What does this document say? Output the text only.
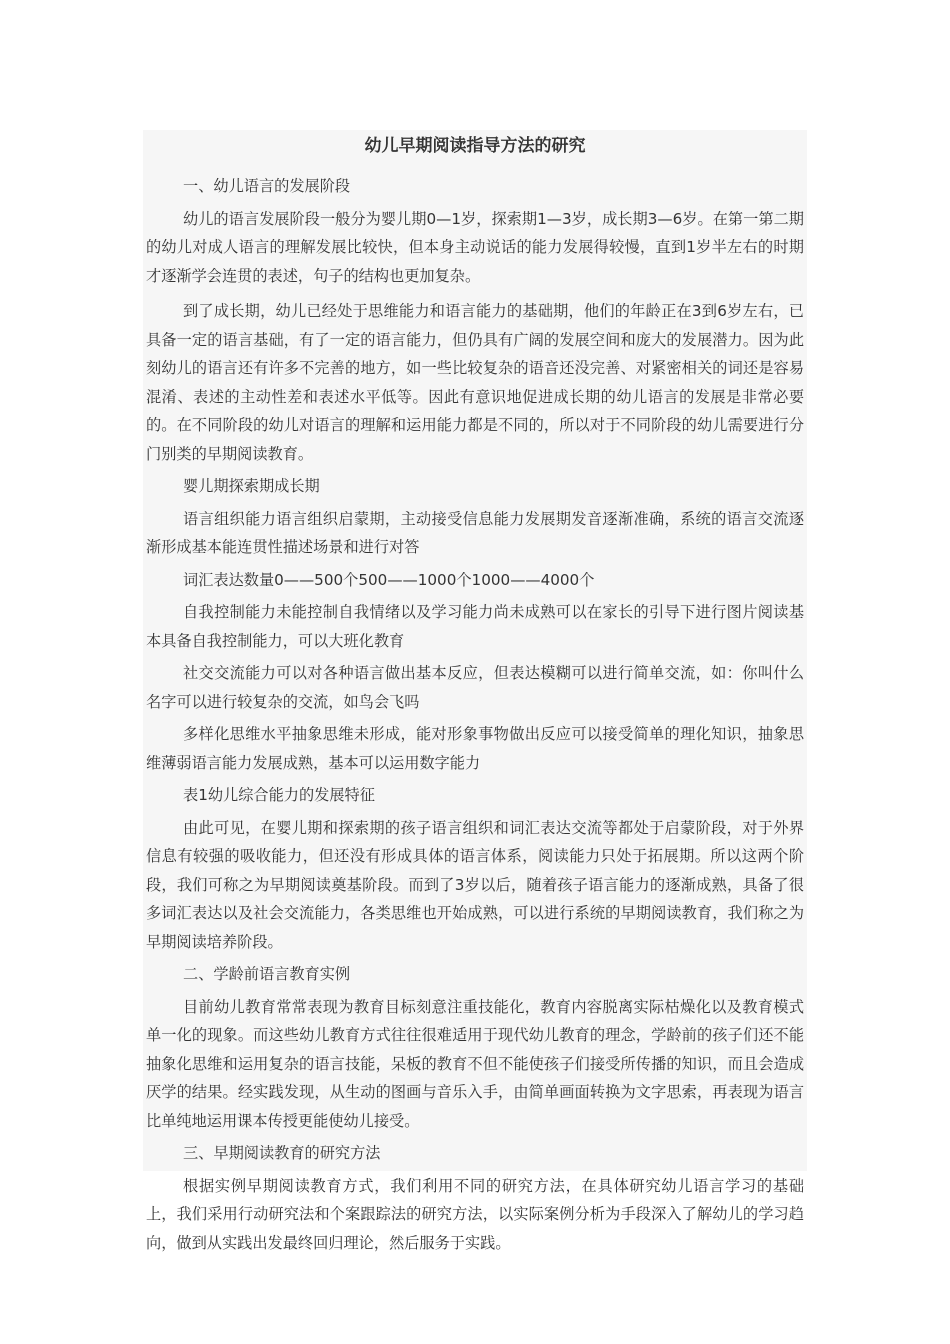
幼儿早期阅读指导方法的研究

一、幼儿语言的发展阶段

幼儿的语言发展阶段一般分为婴儿期0—1岁，探索期1—3岁，成长期3—6岁。在第一第二期的幼儿对成人语言的理解发展比较快，但本身主动说话的能力发展得较慢，直到1岁半左右的时期才逐渐学会连贯的表述，句子的结构也更加复杂。

到了成长期，幼儿已经处于思维能力和语言能力的基础期，他们的年龄正在3到6岁左右，已具备一定的语言基础，有了一定的语言能力，但仍具有广阔的发展空间和庞大的发展潜力。因为此刻幼儿的语言还有许多不完善的地方，如一些比较复杂的语音还没完善、对紧密相关的词还是容易混淆、表述的主动性差和表述水平低等。因此有意识地促进成长期的幼儿语言的发展是非常必要的。在不同阶段的幼儿对语言的理解和运用能力都是不同的，所以对于不同阶段的幼儿需要进行分门别类的早期阅读教育。

婴儿期探索期成长期

语言组织能力语言组织启蒙期，主动接受信息能力发展期发音逐渐准确，系统的语言交流逐渐形成基本能连贯性描述场景和进行对答

词汇表达数量0——500个500——1000个1000——4000个

自我控制能力未能控制自我情绪以及学习能力尚未成熟可以在家长的引导下进行图片阅读基本具备自我控制能力，可以大班化教育

社交交流能力可以对各种语言做出基本反应，但表达模糊可以进行简单交流，如：你叫什么名字可以进行较复杂的交流，如鸟会飞吗

多样化思维水平抽象思维未形成，能对形象事物做出反应可以接受简单的理化知识，抽象思维薄弱语言能力发展成熟，基本可以运用数字能力

表1幼儿综合能力的发展特征

由此可见，在婴儿期和探索期的孩子语言组织和词汇表达交流等都处于启蒙阶段，对于外界信息有较强的吸收能力，但还没有形成具体的语言体系，阅读能力只处于拓展期。所以这两个阶段，我们可称之为早期阅读奠基阶段。而到了3岁以后，随着孩子语言能力的逐渐成熟，具备了很多词汇表达以及社会交流能力，各类思维也开始成熟，可以进行系统的早期阅读教育，我们称之为早期阅读培养阶段。

二、学龄前语言教育实例

目前幼儿教育常常表现为教育目标刻意注重技能化，教育内容脱离实际枯燥化以及教育模式单一化的现象。而这些幼儿教育方式往往很难适用于现代幼儿教育的理念，学龄前的孩子们还不能抽象化思维和运用复杂的语言技能，呆板的教育不但不能使孩子们接受所传播的知识，而且会造成厌学的结果。经实践发现，从生动的图画与音乐入手，由简单画面转换为文字思索，再表现为语言比单纯地运用课本传授更能使幼儿接受。

三、早期阅读教育的研究方法

根据实例早期阅读教育方式，我们利用不同的研究方法，在具体研究幼儿语言学习的基础上，我们采用行动研究法和个案跟踪法的研究方法，以实际案例分析为手段深入了解幼儿的学习趋向，做到从实践出发最终回归理论，然后服务于实践。
